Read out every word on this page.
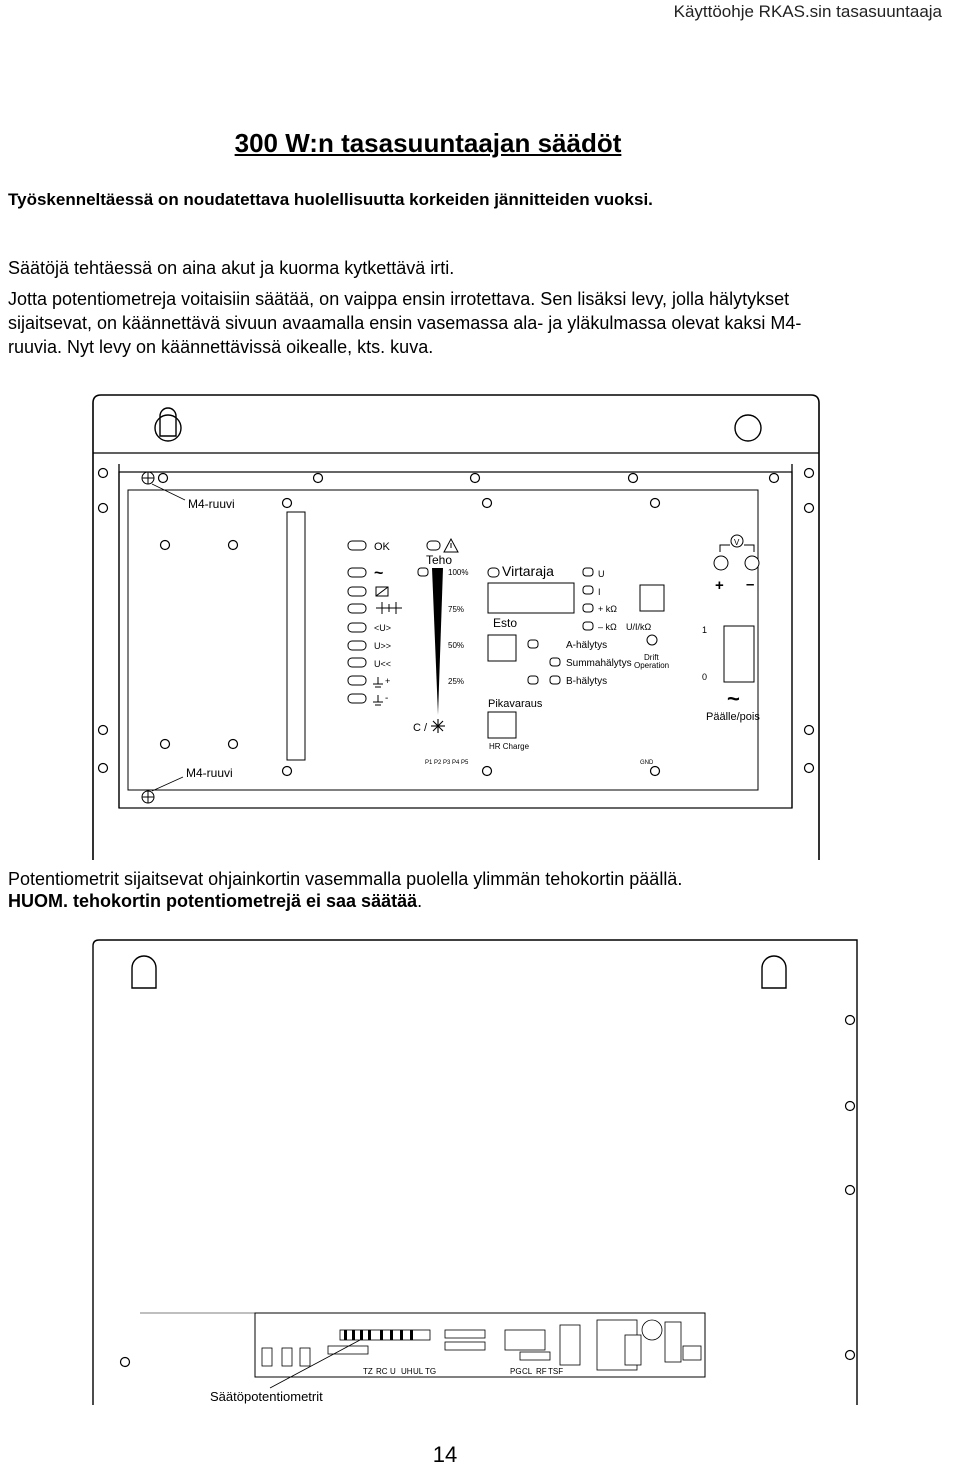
Käyttöohje RKAS.sin tasasuuntaaja
300 W:n tasasuuntaajan säädöt
Työskenneltäessä on noudatettava huolellisuutta korkeiden jännitteiden vuoksi.
Säätöjä tehtäessä on aina akut ja kuorma kytkettävä irti.
Jotta potentiometreja voitaisiin säätää, on vaippa ensin irrotettava. Sen lisäksi levy, jolla hälytykset sijaitsevat, on käännettävä sivuun avaamalla ensin vasemassa ala- ja yläkulmassa olevat kaksi M4-ruuvia. Nyt levy on käännettävissä oikealle, kts. kuva.
M4-ruuvi
M4-ruuvi
OK
~
<U>
U>>
U<<
+
-
Teho
100%
75%
50%
25%
C /
Virtaraja	U
I
+ kΩ
– kΩ U/I/kΩ
Esto
A-hälytys
Summahälytys
Drift
Operation
B-hälytys
Pikavaraus
HR Charge
P1 P2 P3 P4 P5	GND
V
+ –
1
0
~
Päälle/pois
Potentiometrit sijaitsevat ohjainkortin vasemmalla puolella ylimmän tehokortin päällä.
HUOM. tehokortin potentiometrejä ei saa säätää.
TZ RC U UH UL TG	PG CL RF TSF
Säätöpotentiometrit
14
